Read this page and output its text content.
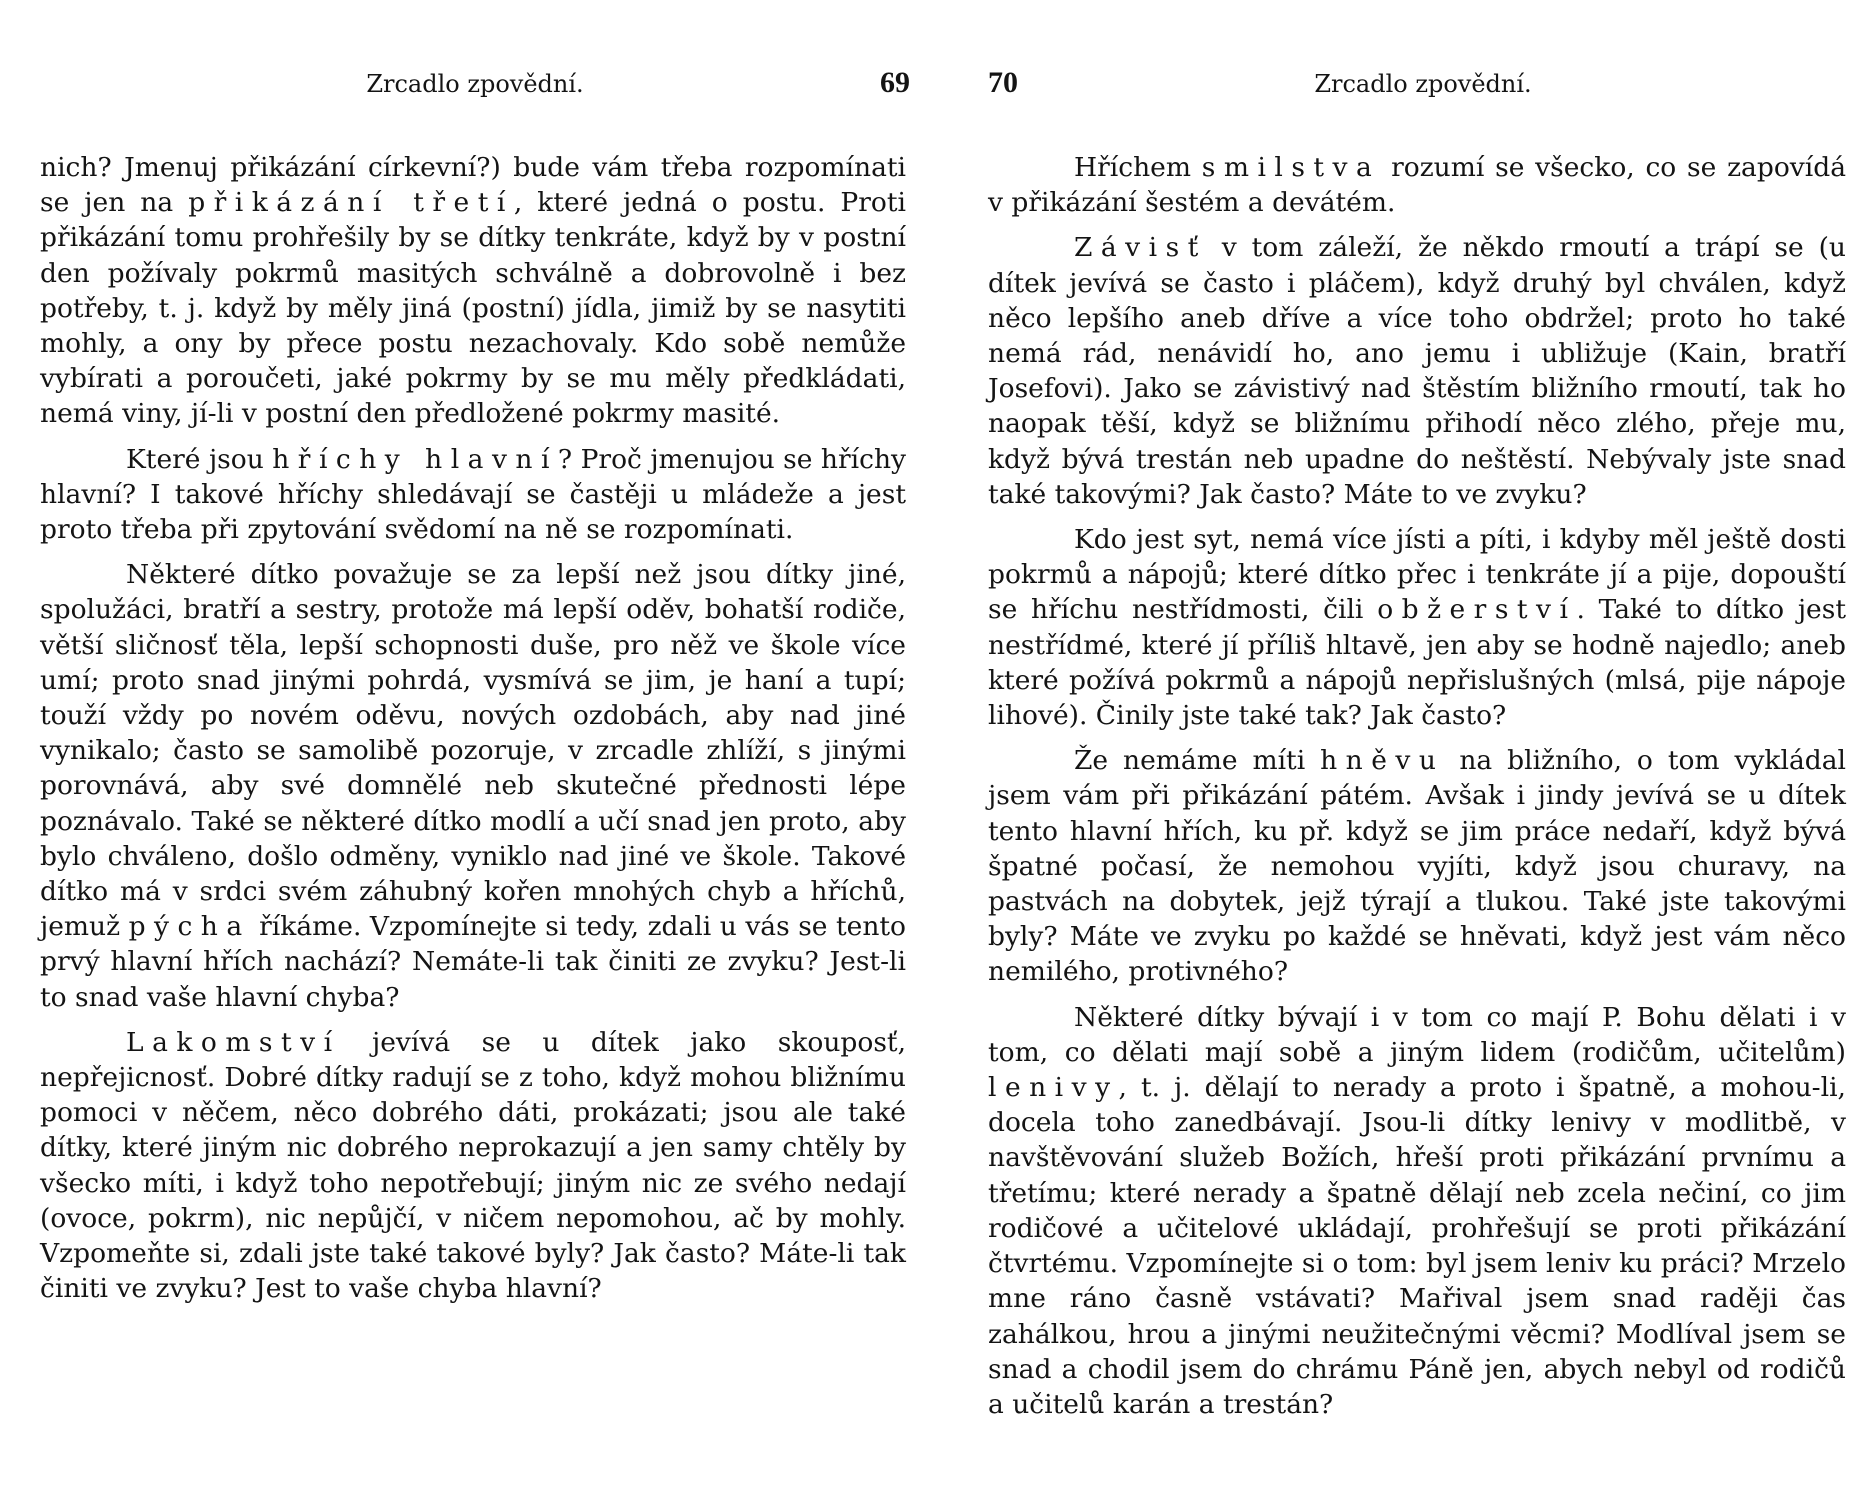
Zrcadlo zpovědní.	69

nich? Jmenuj přikázání církevní?) bude vám třeba rozpomínati se jen na přikázání třetí, které jedná o postu. Proti přikázání tomu prohřešily by se dítky tenkráte, když by v postní den požívaly pokrmů masitých schválně a dobrovolně i bez potřeby, t. j. když by měly jiná (postní) jídla, jimiž by se nasytiti mohly, a ony by přece postu nezachovaly. Kdo sobě nemůže vybírati a poroučeti, jaké pokrmy by se mu měly předkládati, nemá viny, jí-li v postní den předložené pokrmy masité.

Které jsou hříchy hlavní? Proč jmenujou se hříchy hlavní? I takové hříchy shledávají se častěji u mládeže a jest proto třeba při zpytování svědomí na ně se rozpomínati.

Některé dítko považuje se za lepší než jsou dítky jiné, spolužáci, bratří a sestry, protože má lepší oděv, bohatší rodiče, větší sličnosť těla, lepší schopnosti duše, pro něž ve škole více umí; proto snad jinými pohrdá, vysmívá se jim, je haní a tupí; touží vždy po novém oděvu, nových ozdobách, aby nad jiné vynikalo; často se samolibě pozoruje, v zrcadle zhlíží, s jinými porovnává, aby své domnělé neb skutečné přednosti lépe poznávalo. Také se některé dítko modlí a učí snad jen proto, aby bylo chváleno, došlo odměny, vyniklo nad jiné ve škole. Takové dítko má v srdci svém záhubný kořen mnohých chyb a hříchů, jemuž pýcha říkáme. Vzpomínejte si tedy, zdali u vás se tento prvý hlavní hřích nachází? Nemáte-li tak činiti ze zvyku? Jest-li to snad vaše hlavní chyba?

Lakomství jevívá se u dítek jako skouposť, nepřejicnosť. Dobré dítky radují se z toho, když mohou bližnímu pomoci v něčem, něco dobrého dáti, prokázati; jsou ale také dítky, které jiným nic dobrého neprokazují a jen samy chtěly by všecko míti, i když toho nepotřebují; jiným nic ze svého nedají (ovoce, pokrm), nic nepůjčí, v ničem nepomohou, ač by mohly. Vzpomeňte si, zdali jste také takové byly? Jak často? Máte-li tak činiti ve zvyku? Jest to vaše chyba hlavní?

Zrcadlo zpovědní.
70

Hříchem smilstva rozumí se všecko, co se zapovídá v přikázání šestém a devátém.

Závisť v tom záleží, že někdo rmoutí a trápí se (u dítek jevívá se často i pláčem), když druhý byl chválen, když něco lepšího aneb dříve a více toho obdržel; proto ho také nemá rád, nenávidí ho, ano jemu i ubližuje (Kain, bratří Josefovi). Jako se závistivý nad štěstím bližního rmoutí, tak ho naopak těší, když se bližnímu přihodí něco zlého, přeje mu, když bývá trestán neb upadne do neštěstí. Nebývaly jste snad také takovými? Jak často? Máte to ve zvyku?

Kdo jest syt, nemá více jísti a píti, i kdyby měl ještě dosti pokrmů a nápojů; které dítko přec i tenkráte jí a pije, dopouští se hříchu nestřídmosti, čili obžerství. Také to dítko jest nestřídmé, které jí příliš hltavě, jen aby se hodně najedlo; aneb které požívá pokrmů a nápojů nepřislušných (mlsá, pije nápoje lihové). Činily jste také tak? Jak často?

Že nemáme míti hněvu na bližního, o tom vykládal jsem vám při přikázání pátém. Avšak i jindy jevívá se u dítek tento hlavní hřích, ku př. když se jim práce nedaří, když bývá špatné počasí, že nemohou vyjíti, když jsou churavy, na pastvách na dobytek, jejž týrají a tlukou. Také jste takovými byly? Máte ve zvyku po každé se hněvati, když jest vám něco nemilého, protivného?

Některé dítky bývají i v tom co mají P. Bohu dělati i v tom, co dělati mají sobě a jiným lidem (rodičům, učitelům) lenivy, t. j. dělají to nerady a proto i špatně, a mohou-li, docela toho zanedbávají. Jsou-li dítky lenivy v modlitbě, v navštěvování služeb Božích, hřeší proti přikázání prvnímu a třetímu; které nerady a špatně dělají neb zcela nečiní, co jim rodičové a učitelové ukládají, prohřešují se proti přikázání čtvrtému. Vzpomínejte si o tom: byl jsem leniv ku práci? Mrzelo mne ráno časně vstávati? Mařival jsem snad raději čas zahálkou, hrou a jinými neužitečnými věcmi? Modlíval jsem se snad a chodil jsem do chrámu Páně jen, abych nebyl od rodičů a učitelů karán a trestán?
